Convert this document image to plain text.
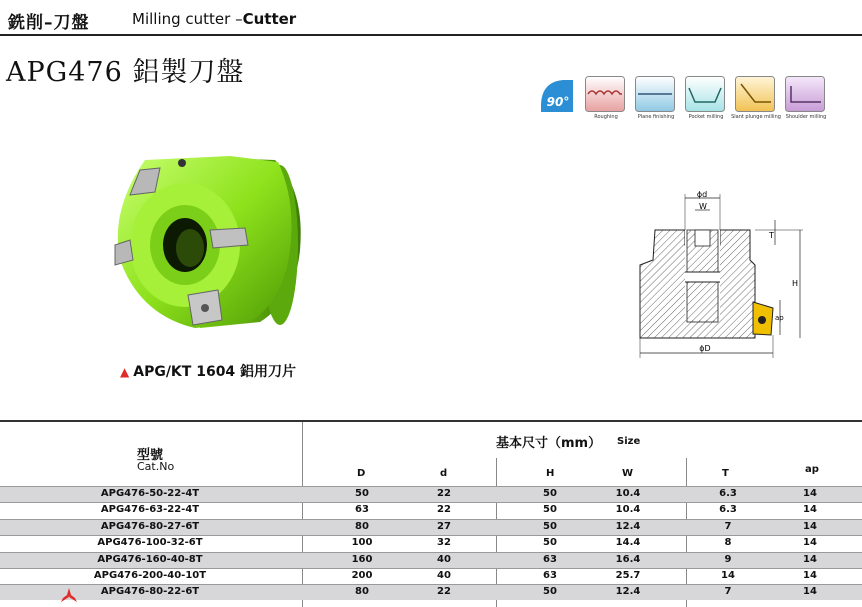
銑削–刀盤	Milling cutter –Cutter
APG476 鋁製刀盤
90°
Roughing	Plane finishing	Pocket milling	Slant plunge milling Shoulder milling
▲ APG/KT 1604 鋁用刀片
ϕd
W
T
H
ap
ϕD
型號
Cat.No
基本尺寸（mm） Size
D	d	H	W	T	ap
APG476-50-22-4T	50	22	50	10.4	6.3	14
APG476-63-22-4T	63	22	50	10.4	6.3	14
APG476-80-27-6T	80	27	50	12.4	7	14
APG476-100-32-6T	100	32	50	14.4	8	14
APG476-160-40-8T	160	40	63	16.4	9	14
APG476-200-40-10T	200	40	63	25.7	14	14
APG476-80-22-6T	80	22	50	12.4	7	14
